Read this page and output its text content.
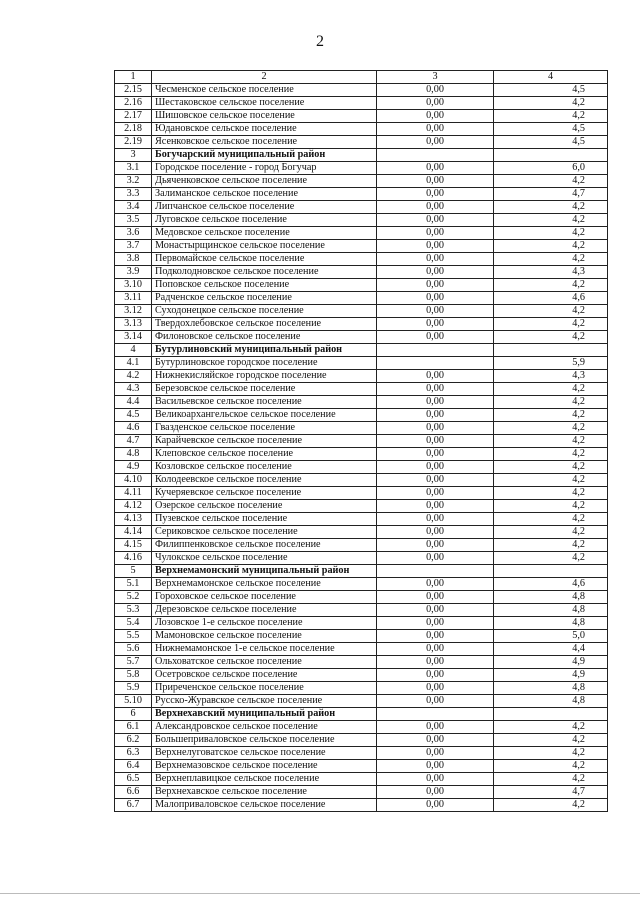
2
1	2	3	4
2.15	Чесменское сельское поселение	0,00	4,5
2.16	Шестаковское сельское поселение	0,00	4,2
2.17	Шишовское сельское поселение	0,00	4,2
2.18	Юдановское сельское поселение	0,00	4,5
2.19	Ясенковское сельское поселение	0,00	4,5
3	Богучарский муниципальный район		
3.1	Городское поселение - город Богучар	0,00	6,0
3.2	Дьяченковское сельское поселение	0,00	4,2
3.3	Залиманское сельское поселение	0,00	4,7
3.4	Липчанское сельское поселение	0,00	4,2
3.5	Луговское сельское поселение	0,00	4,2
3.6	Медовское сельское поселение	0,00	4,2
3.7	Монастырщинское сельское поселение	0,00	4,2
3.8	Первомайское сельское поселение	0,00	4,2
3.9	Подколодновское сельское поселение	0,00	4,3
3.10	Поповское сельское поселение	0,00	4,2
3.11	Радченское сельское поселение	0,00	4,6
3.12	Суходонецкое сельское поселение	0,00	4,2
3.13	Твердохлебовское сельское поселение	0,00	4,2
3.14	Филоновское сельское поселение	0,00	4,2
4	Бутурлиновский муниципальный район		
4.1	Бутурлиновское городское поселение		5,9
4.2	Нижнекисляйское городское поселение	0,00	4,3
4.3	Березовское сельское поселение	0,00	4,2
4.4	Васильевское сельское поселение	0,00	4,2
4.5	Великоархангельское сельское поселение	0,00	4,2
4.6	Гвазденское сельское поселение	0,00	4,2
4.7	Карайчевское сельское поселение	0,00	4,2
4.8	Клеповское сельское поселение	0,00	4,2
4.9	Козловское сельское поселение	0,00	4,2
4.10	Колодеевское сельское поселение	0,00	4,2
4.11	Кучеряевское сельское поселение	0,00	4,2
4.12	Озерское сельское поселение	0,00	4,2
4.13	Пузевское сельское поселение	0,00	4,2
4.14	Сериковское сельское поселение	0,00	4,2
4.15	Филиппенковское сельское поселение	0,00	4,2
4.16	Чулокское сельское поселение	0,00	4,2
5	Верхнемамонский муниципальный район		
5.1	Верхнемамонское сельское поселение	0,00	4,6
5.2	Гороховское сельское поселение	0,00	4,8
5.3	Дерезовское сельское поселение	0,00	4,8
5.4	Лозовское 1-е сельское поселение	0,00	4,8
5.5	Мамоновское сельское поселение	0,00	5,0
5.6	Нижнемамонское 1-е сельское поселение	0,00	4,4
5.7	Ольховатское сельское поселение	0,00	4,9
5.8	Осетровское сельское поселение	0,00	4,9
5.9	Приреченское сельское поселение	0,00	4,8
5.10	Русско-Журавское сельское поселение	0,00	4,8
6	Верхнехавский муниципальный район		
6.1	Александровское сельское поселение	0,00	4,2
6.2	Большеприваловское сельское поселение	0,00	4,2
6.3	Верхнелуговатское сельское поселение	0,00	4,2
6.4	Верхнемазовское сельское поселение	0,00	4,2
6.5	Верхнеплавицкое сельское поселение	0,00	4,2
6.6	Верхнехавское сельское поселение	0,00	4,7
6.7	Малоприваловское сельское поселение	0,00	4,2
